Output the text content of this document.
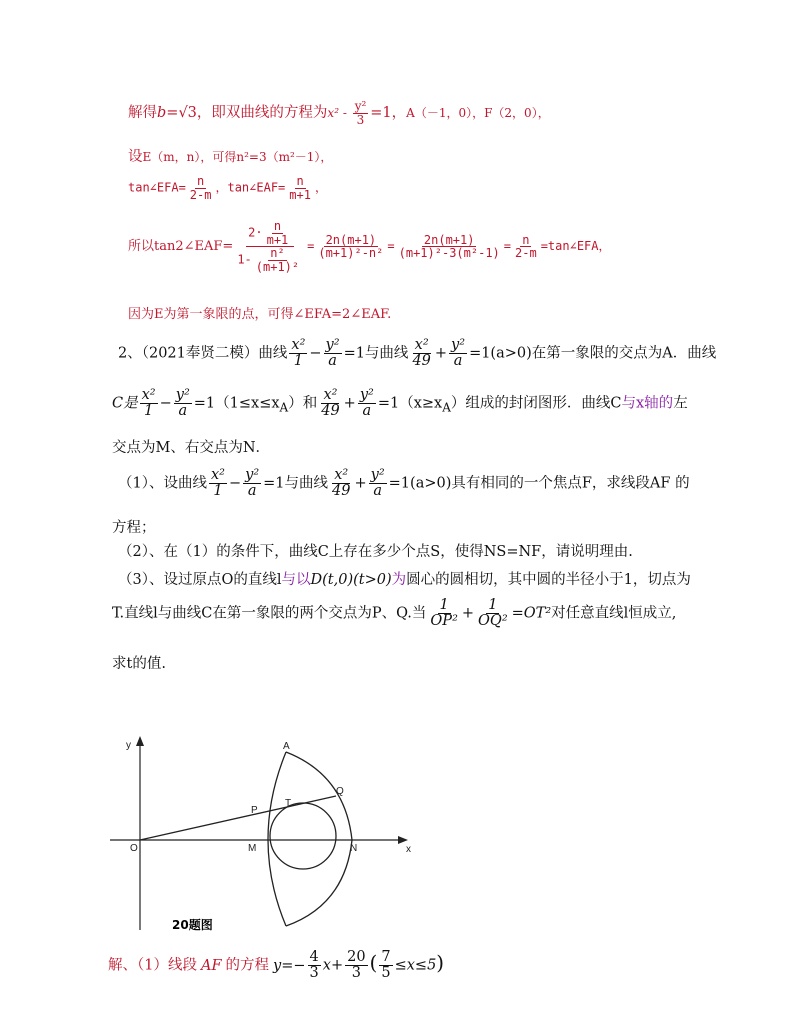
解得b=√3，即双曲线的方程为$x^2 - \frac{\text{y²}}{3} =1$，A（－1，0），F（2，0），
设E（m，n），可得n²=3（m²－1），
tan∠EFA= $\frac{n}{2-m}$ ，tan∠EAF= $\frac{n}{m+1}$ ，
所以tan2∠EAF= $\frac{2\cdot \frac{n}{m+1}}{1- \frac{\text{n²}}{\text{(m+1)²}}} = \frac{2n(m+1)}{\text{(m+1)²-n²}} = \frac{2n(m+1)}{\text{(m+1)²-3(m²-1)}} = \frac{n}{2-m}$ =tan∠EFA，
因为E为第一象限的点，可得∠EFA=2∠EAF.
2、（2021奉贤二模）曲线 $\frac{\text{x²}}{1} - \frac{\text{y²}}{a} =1$与曲线 $\frac{\text{x²}}{49} + \frac{\text{y²}}{a} =1(a>0)$在第一象限的交点为A．曲线
C是 $\frac{\text{x²}}{1} - \frac{\text{y²}}{a} =1(1\le x\le x_A)$和 $\frac{\text{x²}}{49} + \frac{\text{y²}}{a} =1(x\ge x_A)$组成的封闭图形．曲线C与x轴的左
交点为M、右交点为N．
（1）、设曲线 $\frac{\text{x²}}{1} - \frac{\text{y²}}{a} =1$与曲线 $\frac{\text{x²}}{49} + \frac{\text{y²}}{a} =1(a>0)$具有相同的一个焦点F，求线段AF 的
方程；
（2）、在（1）的条件下，曲线C上存在多少个点S，使得NS=NF，请说明理由.
（3）、设过原点O的直线l与以D(t,0)(t>0)为圆心的圆相切，其中圆的半径小于1，切点为
T.直线l与曲线C在第一象限的两个交点为P、Q.当 $\frac{1}{\text{OP²}} + \frac{1}{\text{OQ²}} =OT^2$对任意直线l恒成立,
求t的值.
y
x
A
Q
P
T
O	M	N
20题图
解、（1）线段 AF 的方程 $y=- \frac{4}{3} x+ \frac{20}{3}$ ( $\frac{7}{5} \le x\le 5$)
